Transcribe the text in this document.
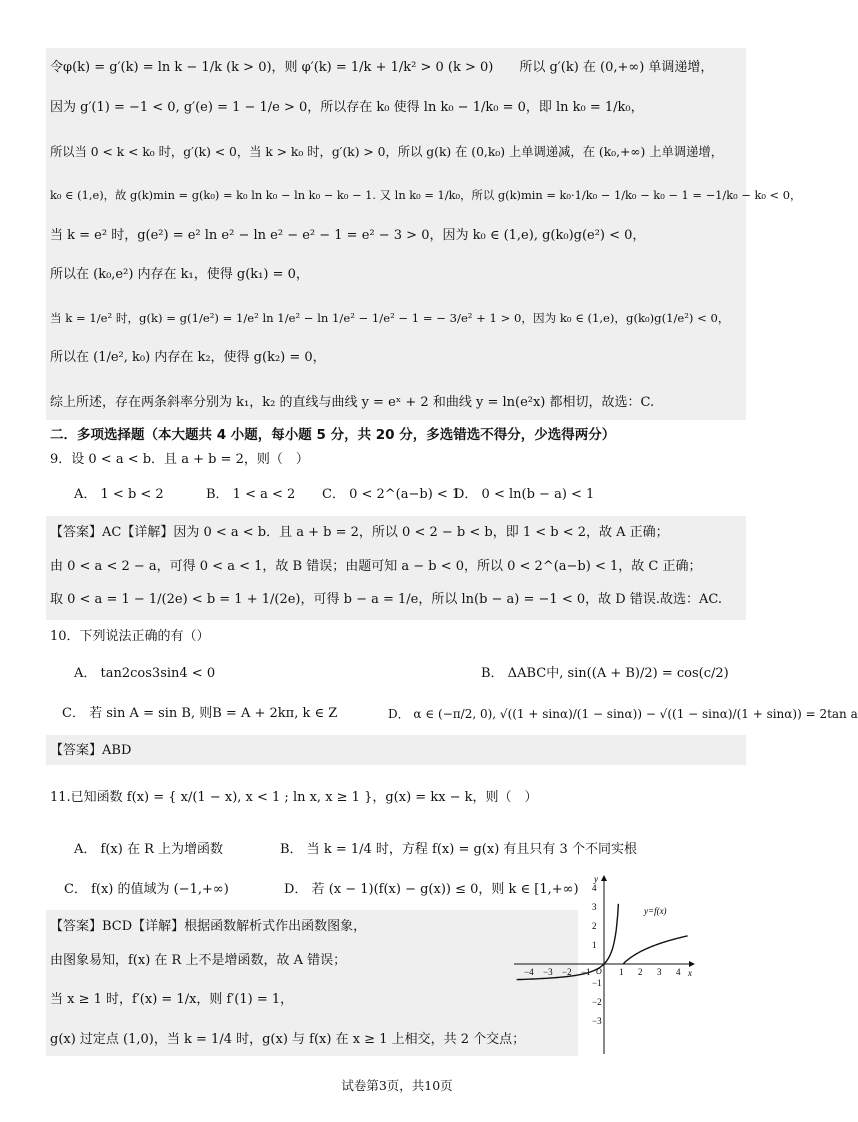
令φ(k) = g′(k) = ln k − 1/k (k > 0)，则 φ′(k) = 1/k + 1/k² > 0 (k > 0)　　所以 g′(k) 在 (0,+∞) 单调递增，
因为 g′(1) = −1 < 0, g′(e) = 1 − 1/e > 0，所以存在 k₀ 使得 ln k₀ − 1/k₀ = 0，即 ln k₀ = 1/k₀，
所以当 0 < k < k₀ 时，g′(k) < 0，当 k > k₀ 时，g′(k) > 0，所以 g(k) 在 (0,k₀) 上单调递减，在 (k₀,+∞) 上单调递增，
k₀ ∈ (1,e)，故 g(k)min = g(k₀) = k₀ ln k₀ − ln k₀ − k₀ − 1. 又 ln k₀ = 1/k₀，所以 g(k)min = k₀·1/k₀ − 1/k₀ − k₀ − 1 = −1/k₀ − k₀ < 0，
当 k = e² 时，g(e²) = e² ln e² − ln e² − e² − 1 = e² − 3 > 0，因为 k₀ ∈ (1,e), g(k₀)g(e²) < 0，
所以在 (k₀,e²) 内存在 k₁，使得 g(k₁) = 0，
当 k = 1/e² 时，g(k) = g(1/e²) = 1/e² ln 1/e² − ln 1/e² − 1/e² − 1 = − 3/e² + 1 > 0，因为 k₀ ∈ (1,e)，g(k₀)g(1/e²) < 0，
所以在 (1/e², k₀) 内存在 k₂，使得 g(k₂) = 0，
综上所述，存在两条斜率分别为 k₁，k₂ 的直线与曲线 y = eˣ + 2 和曲线 y = ln(e²x) 都相切，故选：C.
二．多项选择题（本大题共 4 小题，每小题 5 分，共 20 分，多选错选不得分，少选得两分）
9．设 0 < a < b．且 a + b = 2，则（　）
A． 1 < b < 2	B． 1 < a < 2 C． 0 < 2^(a−b) < 1
D． 0 < ln(b − a) < 1
【答案】AC【详解】因为 0 < a < b．且 a + b = 2，所以 0 < 2 − b < b，即 1 < b < 2，故 A 正确；
由 0 < a < 2 − a，可得 0 < a < 1，故 B 错误；由题可知 a − b < 0，所以 0 < 2^(a−b) < 1，故 C 正确；
取 0 < a = 1 − 1/(2e) < b = 1 + 1/(2e)，可得 b − a = 1/e，所以 ln(b − a) = −1 < 0，故 D 错误.故选：AC.
10．下列说法正确的有（）
A． tan2cos3sin4 < 0	B． ΔABC中, sin((A + B)/2) = cos(c/2)
C． 若 sin A = sin B, 则B = A + 2kπ, k ∈ Z	D． α ∈ (−π/2, 0), √((1 + sinα)/(1 − sinα)) − √((1 − sinα)/(1 + sinα)) = 2tan a
【答案】ABD
11.已知函数 f(x) = { x/(1 − x), x < 1 ; ln x, x ≥ 1 }，g(x) = kx − k，则（　）
A． f(x) 在 R 上为增函数	B． 当 k = 1/4 时，方程 f(x) = g(x) 有且只有 3 个不同实根
C． f(x) 的值域为 (−1,+∞)	D． 若 (x − 1)(f(x) − g(x)) ≤ 0，则 k ∈ [1,+∞)
【答案】BCD【详解】根据函数解析式作出函数图象，
由图象易知，f(x) 在 R 上不是增函数，故 A 错误；
当 x ≥ 1 时，f′(x) = 1/x，则 f′(1) = 1，
g(x) 过定点 (1,0)，当 k = 1/4 时，g(x) 与 f(x) 在 x ≥ 1 上相交，共 2 个交点；
y
x
O
y=f(x)
−4 −3 −2 −1	1 2 3 4
4
3
2
1
−1
−2
−3
试卷第3页，共10页
